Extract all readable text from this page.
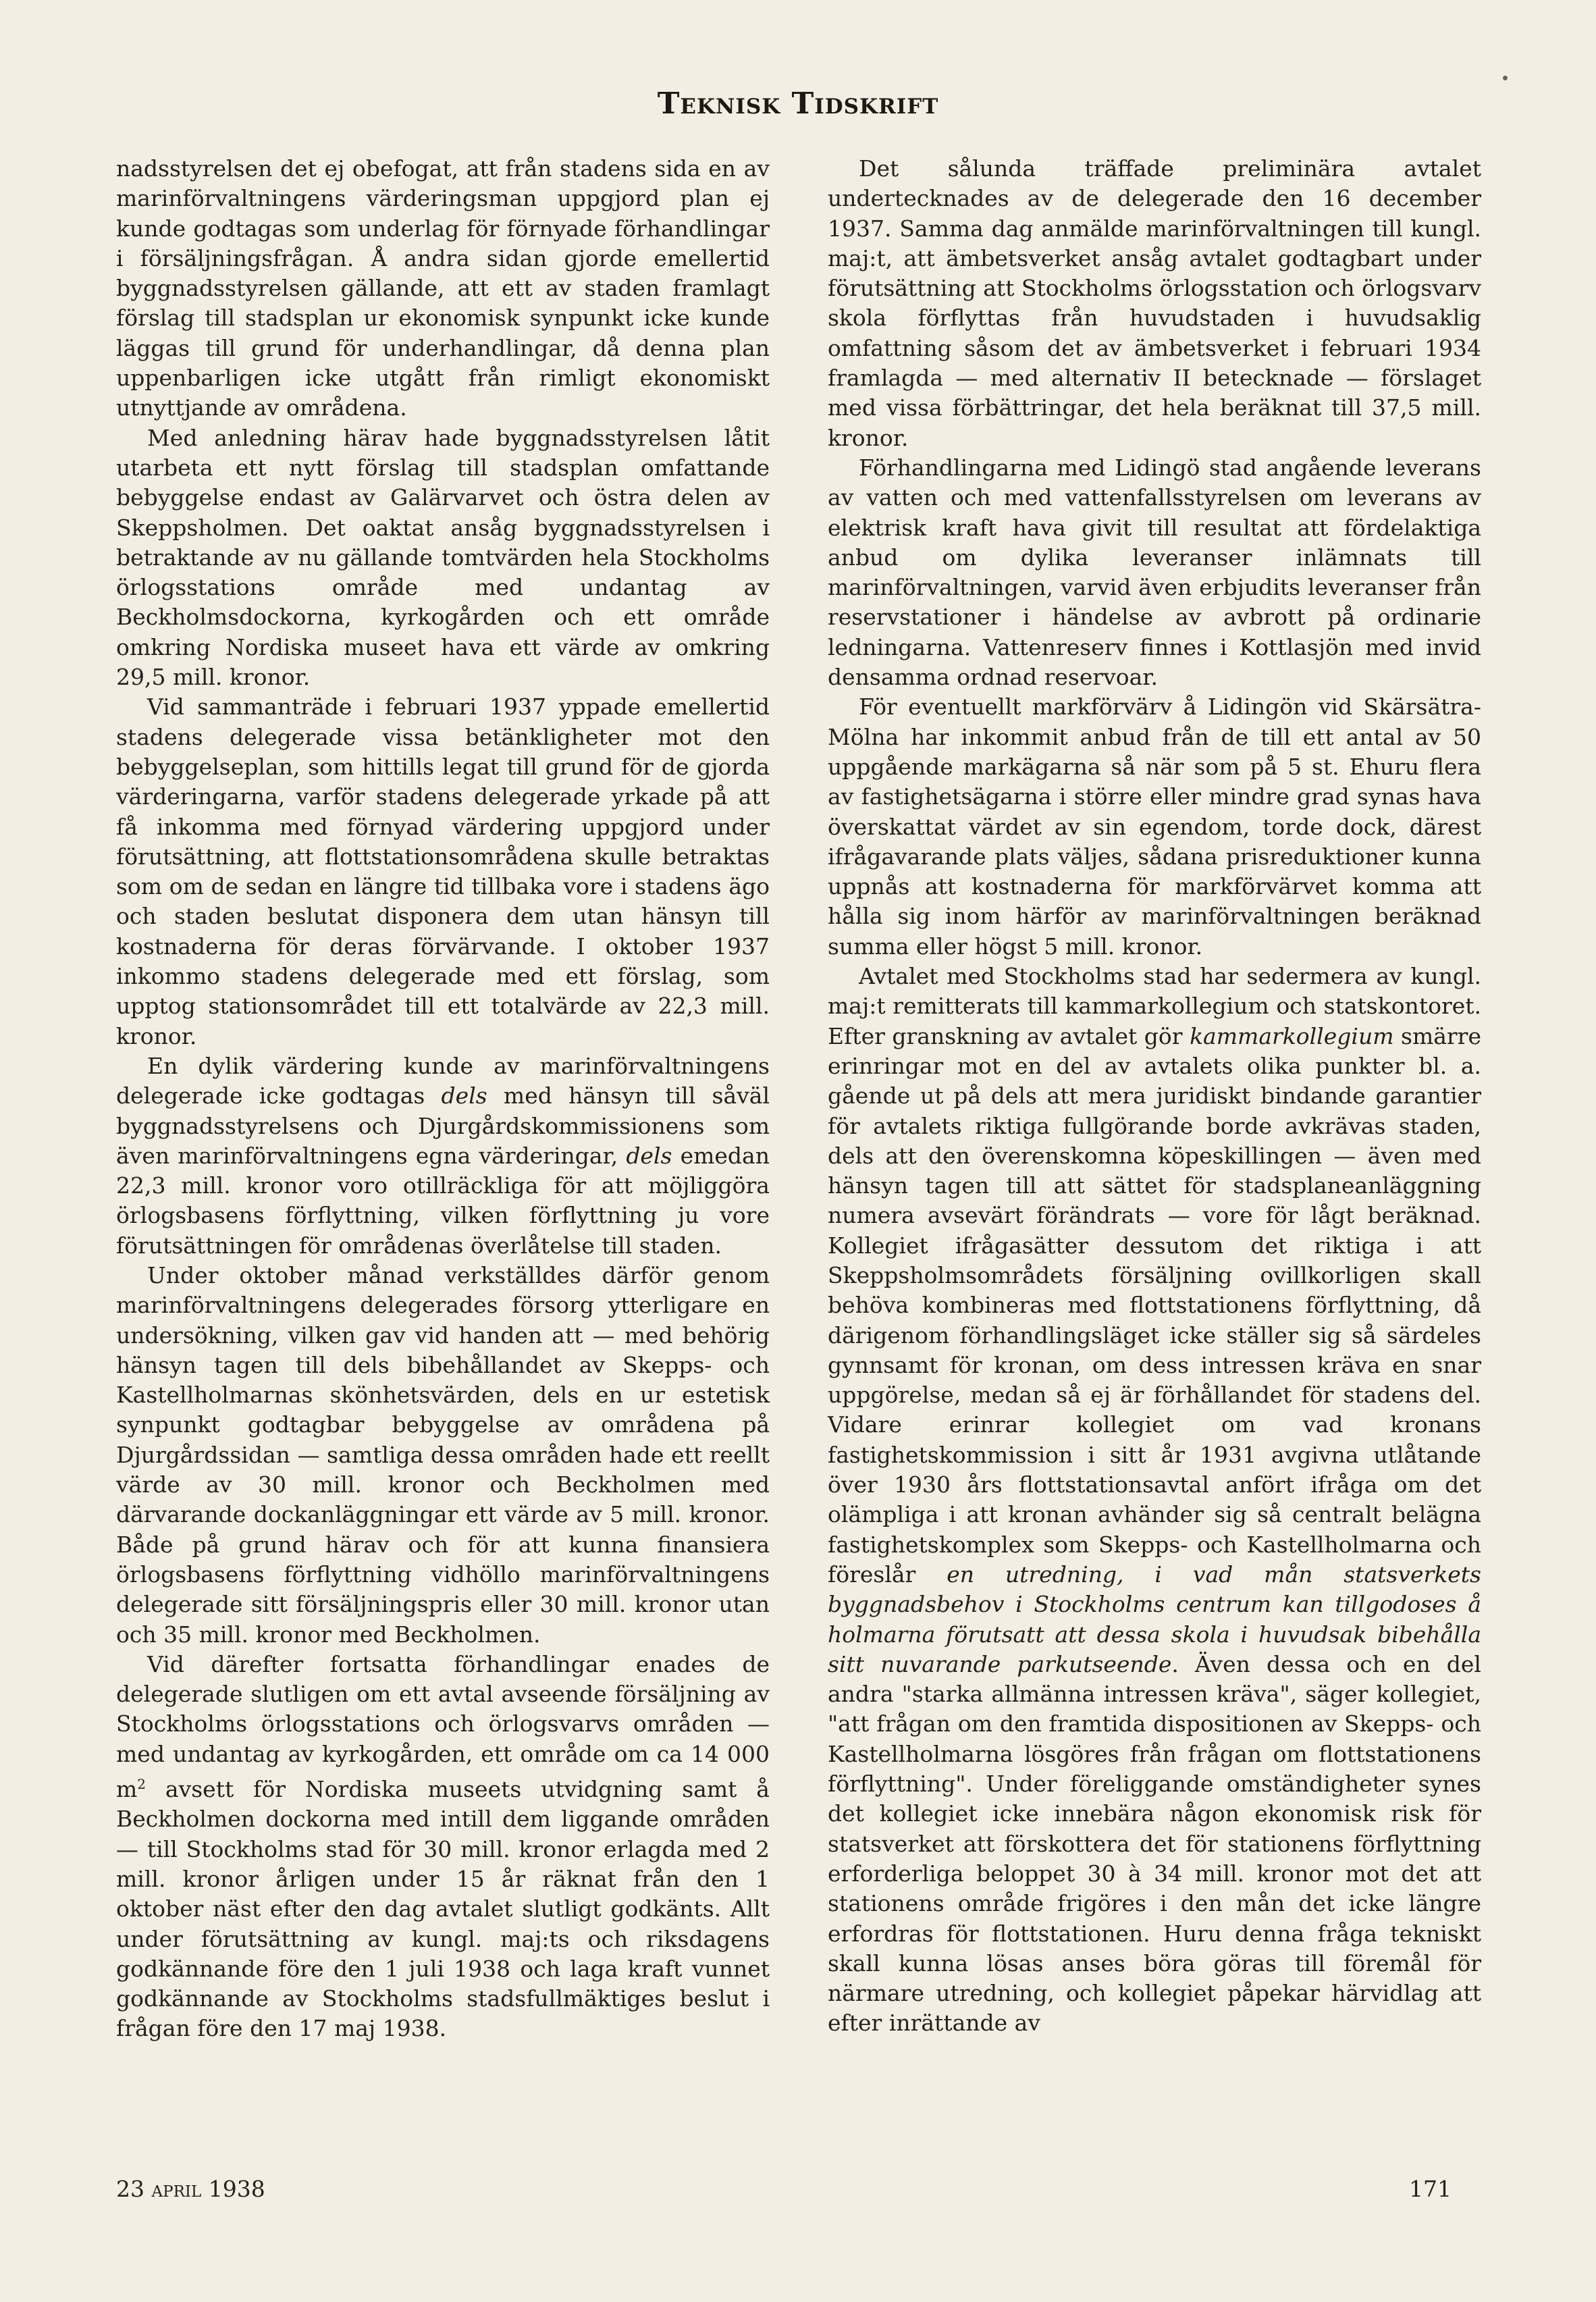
Teknisk Tidskrift

nadsstyrelsen det ej obefogat, att från stadens sida en av marinförvaltningens värderingsman uppgjord plan ej kunde godtagas som underlag för förnyade förhandlingar i försäljningsfrågan. Å andra sidan gjorde emellertid byggnadsstyrelsen gällande, att ett av staden framlagt förslag till stadsplan ur ekonomisk synpunkt icke kunde läggas till grund för underhandlingar, då denna plan uppenbarligen icke utgått från rimligt ekonomiskt utnyttjande av områdena.

Med anledning härav hade byggnadsstyrelsen låtit utarbeta ett nytt förslag till stadsplan omfattande bebyggelse endast av Galärvarvet och östra delen av Skeppsholmen. Det oaktat ansåg byggnadsstyrelsen i betraktande av nu gällande tomtvärden hela Stockholms örlogsstations område med undantag av Beckholmsdockorna, kyrkogården och ett område omkring Nordiska museet hava ett värde av omkring 29,5 mill. kronor.

Vid sammanträde i februari 1937 yppade emellertid stadens delegerade vissa betänkligheter mot den bebyggelseplan, som hittills legat till grund för de gjorda värderingarna, varför stadens delegerade yrkade på att få inkomma med förnyad värdering uppgjord under förutsättning, att flottstationsområdena skulle betraktas som om de sedan en längre tid tillbaka vore i stadens ägo och staden beslutat disponera dem utan hänsyn till kostnaderna för deras förvärvande. I oktober 1937 inkommo stadens delegerade med ett förslag, som upptog stationsområdet till ett totalvärde av 22,3 mill. kronor.

En dylik värdering kunde av marinförvaltningens delegerade icke godtagas dels med hänsyn till såväl byggnadsstyrelsens och Djurgårdskommissionens som även marinförvaltningens egna värderingar, dels emedan 22,3 mill. kronor voro otillräckliga för att möjliggöra örlogsbasens förflyttning, vilken förflyttning ju vore förutsättningen för områdenas överlåtelse till staden.

Under oktober månad verkställdes därför genom marinförvaltningens delegerades försorg ytterligare en undersökning, vilken gav vid handen att — med behörig hänsyn tagen till dels bibehållandet av Skepps- och Kastellholmarnas skönhetsvärden, dels en ur estetisk synpunkt godtagbar bebyggelse av områdena på Djurgårdssidan — samtliga dessa områden hade ett reellt värde av 30 mill. kronor och Beckholmen med därvarande dockanläggningar ett värde av 5 mill. kronor. Både på grund härav och för att kunna finansiera örlogsbasens förflyttning vidhöllo marinförvaltningens delegerade sitt försäljningspris eller 30 mill. kronor utan och 35 mill. kronor med Beckholmen.

Vid därefter fortsatta förhandlingar enades de delegerade slutligen om ett avtal avseende försäljning av Stockholms örlogsstations och örlogsvarvs områden — med undantag av kyrkogården, ett område om ca 14 000 $m^2$ avsett för Nordiska museets utvidgning samt å Beckholmen dockorna med intill dem liggande områden — till Stockholms stad för 30 mill. kronor erlagda med 2 mill. kronor årligen under 15 år räknat från den 1 oktober näst efter den dag avtalet slutligt godkänts. Allt under förutsättning av kungl. maj:ts och riksdagens godkännande före den 1 juli 1938 och laga kraft vunnet godkännande av Stockholms stadsfullmäktiges beslut i frågan före den 17 maj 1938.

Det sålunda träffade preliminära avtalet undertecknades av de delegerade den 16 december 1937. Samma dag anmälde marinförvaltningen till kungl. maj:t, att ämbetsverket ansåg avtalet godtagbart under förutsättning att Stockholms örlogsstation och örlogsvarv skola förflyttas från huvudstaden i huvudsaklig omfattning såsom det av ämbetsverket i februari 1934 framlagda — med alternativ II betecknade — förslaget med vissa förbättringar, det hela beräknat till 37,5 mill. kronor.

Förhandlingarna med Lidingö stad angående leverans av vatten och med vattenfallsstyrelsen om leverans av elektrisk kraft hava givit till resultat att fördelaktiga anbud om dylika leveranser inlämnats till marinförvaltningen, varvid även erbjudits leveranser från reservstationer i händelse av avbrott på ordinarie ledningarna. Vattenreserv finnes i Kottlasjön med invid densamma ordnad reservoar.

För eventuellt markförvärv å Lidingön vid Skärsätra-Mölna har inkommit anbud från de till ett antal av 50 uppgående markägarna så när som på 5 st. Ehuru flera av fastighetsägarna i större eller mindre grad synas hava överskattat värdet av sin egendom, torde dock, därest ifrågavarande plats väljes, sådana prisreduktioner kunna uppnås att kostnaderna för markförvärvet komma att hålla sig inom härför av marinförvaltningen beräknad summa eller högst 5 mill. kronor.

Avtalet med Stockholms stad har sedermera av kungl. maj:t remitterats till kammarkollegium och statskontoret. Efter granskning av avtalet gör kammarkollegium smärre erinringar mot en del av avtalets olika punkter bl. a. gående ut på dels att mera juridiskt bindande garantier för avtalets riktiga fullgörande borde avkrävas staden, dels att den överenskomna köpeskillingen — även med hänsyn tagen till att sättet för stadsplaneanläggning numera avsevärt förändrats — vore för lågt beräknad. Kollegiet ifrågasätter dessutom det riktiga i att Skeppsholmsområdets försäljning ovillkorligen skall behöva kombineras med flottstationens förflyttning, då därigenom förhandlingsläget icke ställer sig så särdeles gynnsamt för kronan, om dess intressen kräva en snar uppgörelse, medan så ej är förhållandet för stadens del. Vidare erinrar kollegiet om vad kronans fastighetskommission i sitt år 1931 avgivna utlåtande över 1930 års flottstationsavtal anfört ifråga om det olämpliga i att kronan avhänder sig så centralt belägna fastighetskomplex som Skepps- och Kastellholmarna och föreslår en utredning, i vad mån statsverkets byggnadsbehov i Stockholms centrum kan tillgodoses å holmarna förutsatt att dessa skola i huvudsak bibehålla sitt nuvarande parkutseende. Även dessa och en del andra "starka allmänna intressen kräva", säger kollegiet, "att frågan om den framtida dispositionen av Skepps- och Kastellholmarna lösgöres från frågan om flottstationens förflyttning". Under föreliggande omständigheter synes det kollegiet icke innebära någon ekonomisk risk för statsverket att förskottera det för stationens förflyttning erforderliga beloppet 30 à 34 mill. kronor mot det att stationens område frigöres i den mån det icke längre erfordras för flottstationen. Huru denna fråga tekniskt skall kunna lösas anses böra göras till föremål för närmare utredning, och kollegiet påpekar härvidlag att efter inrättande av

23 april 1938	171
